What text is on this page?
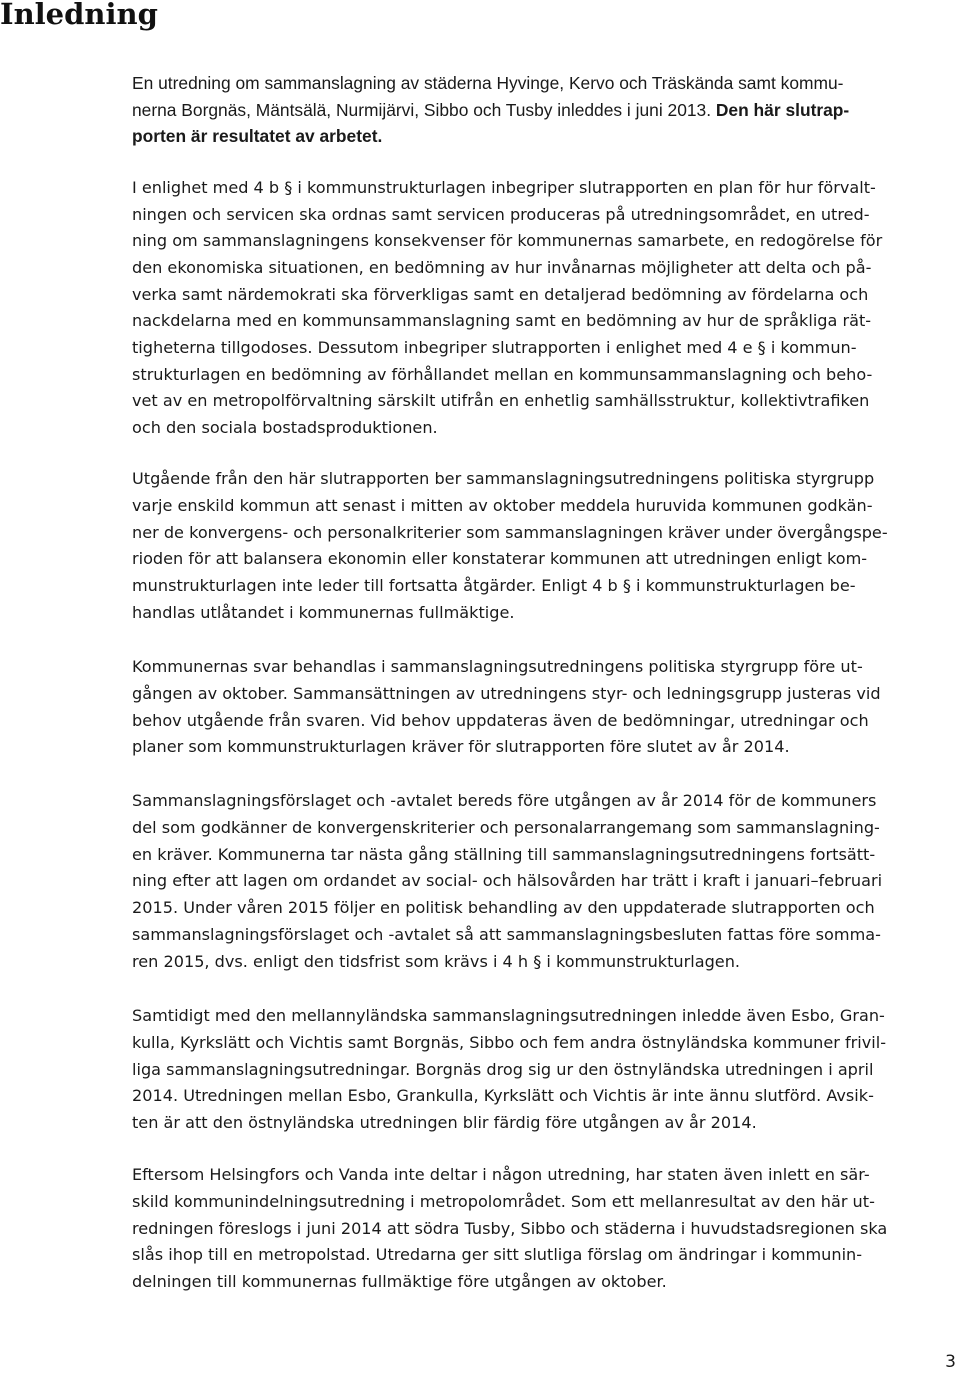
Inledning

En utredning om sammanslagning av städerna Hyvinge, Kervo och Träskända samt kommu-
nerna Borgnäs, Mäntsälä, Nurmijärvi, Sibbo och Tusby inleddes i juni 2013. Den här slutrap-
porten är resultatet av arbetet.

I enlighet med 4 b § i kommunstrukturlagen inbegriper slutrapporten en plan för hur förvalt-
ningen och servicen ska ordnas samt servicen produceras på utredningsområdet, en utred-
ning om sammanslagningens konsekvenser för kommunernas samarbete, en redogörelse för
den ekonomiska situationen, en bedömning av hur invånarnas möjligheter att delta och på-
verka samt närdemokrati ska förverkligas samt en detaljerad bedömning av fördelarna och
nackdelarna med en kommunsammanslagning samt en bedömning av hur de språkliga rät-
tigheterna tillgodoses. Dessutom inbegriper slutrapporten i enlighet med 4 e § i kommun-
strukturlagen en bedömning av förhållandet mellan en kommunsammanslagning och beho-
vet av en metropolförvaltning särskilt utifrån en enhetlig samhällsstruktur, kollektivtrafiken
och den sociala bostadsproduktionen.

Utgående från den här slutrapporten ber sammanslagningsutredningens politiska styrgrupp
varje enskild kommun att senast i mitten av oktober meddela huruvida kommunen godkän-
ner de konvergens- och personalkriterier som sammanslagningen kräver under övergångspe-
rioden för att balansera ekonomin eller konstaterar kommunen att utredningen enligt kom-
munstrukturlagen inte leder till fortsatta åtgärder. Enligt 4 b § i kommunstrukturlagen be-
handlas utlåtandet i kommunernas fullmäktige.

Kommunernas svar behandlas i sammanslagningsutredningens politiska styrgrupp före ut-
gången av oktober. Sammansättningen av utredningens styr- och ledningsgrupp justeras vid
behov utgående från svaren. Vid behov uppdateras även de bedömningar, utredningar och
planer som kommunstrukturlagen kräver för slutrapporten före slutet av år 2014.

Sammanslagningsförslaget och -avtalet bereds före utgången av år 2014 för de kommuners
del som godkänner de konvergenskriterier och personalarrangemang som sammanslagning-
en kräver. Kommunerna tar nästa gång ställning till sammanslagningsutredningens fortsätt-
ning efter att lagen om ordandet av social- och hälsovården har trätt i kraft i januari–februari
2015. Under våren 2015 följer en politisk behandling av den uppdaterade slutrapporten och
sammanslagningsförslaget och -avtalet så att sammanslagningsbesluten fattas före somma-
ren 2015, dvs. enligt den tidsfrist som krävs i 4 h § i kommunstrukturlagen.

Samtidigt med den mellannyländska sammanslagningsutredningen inledde även Esbo, Gran-
kulla, Kyrkslätt och Vichtis samt Borgnäs, Sibbo och fem andra östnyländska kommuner frivil-
liga sammanslagningsutredningar. Borgnäs drog sig ur den östnyländska utredningen i april
2014. Utredningen mellan Esbo, Grankulla, Kyrkslätt och Vichtis är inte ännu slutförd. Avsik-
ten är att den östnyländska utredningen blir färdig före utgången av år 2014.

Eftersom Helsingfors och Vanda inte deltar i någon utredning, har staten även inlett en sär-
skild kommunindelningsutredning i metropolområdet. Som ett mellanresultat av den här ut-
redningen föreslogs i juni 2014 att södra Tusby, Sibbo och städerna i huvudstadsregionen ska
slås ihop till en metropolstad. Utredarna ger sitt slutliga förslag om ändringar i kommunin-
delningen till kommunernas fullmäktige före utgången av oktober.

3
